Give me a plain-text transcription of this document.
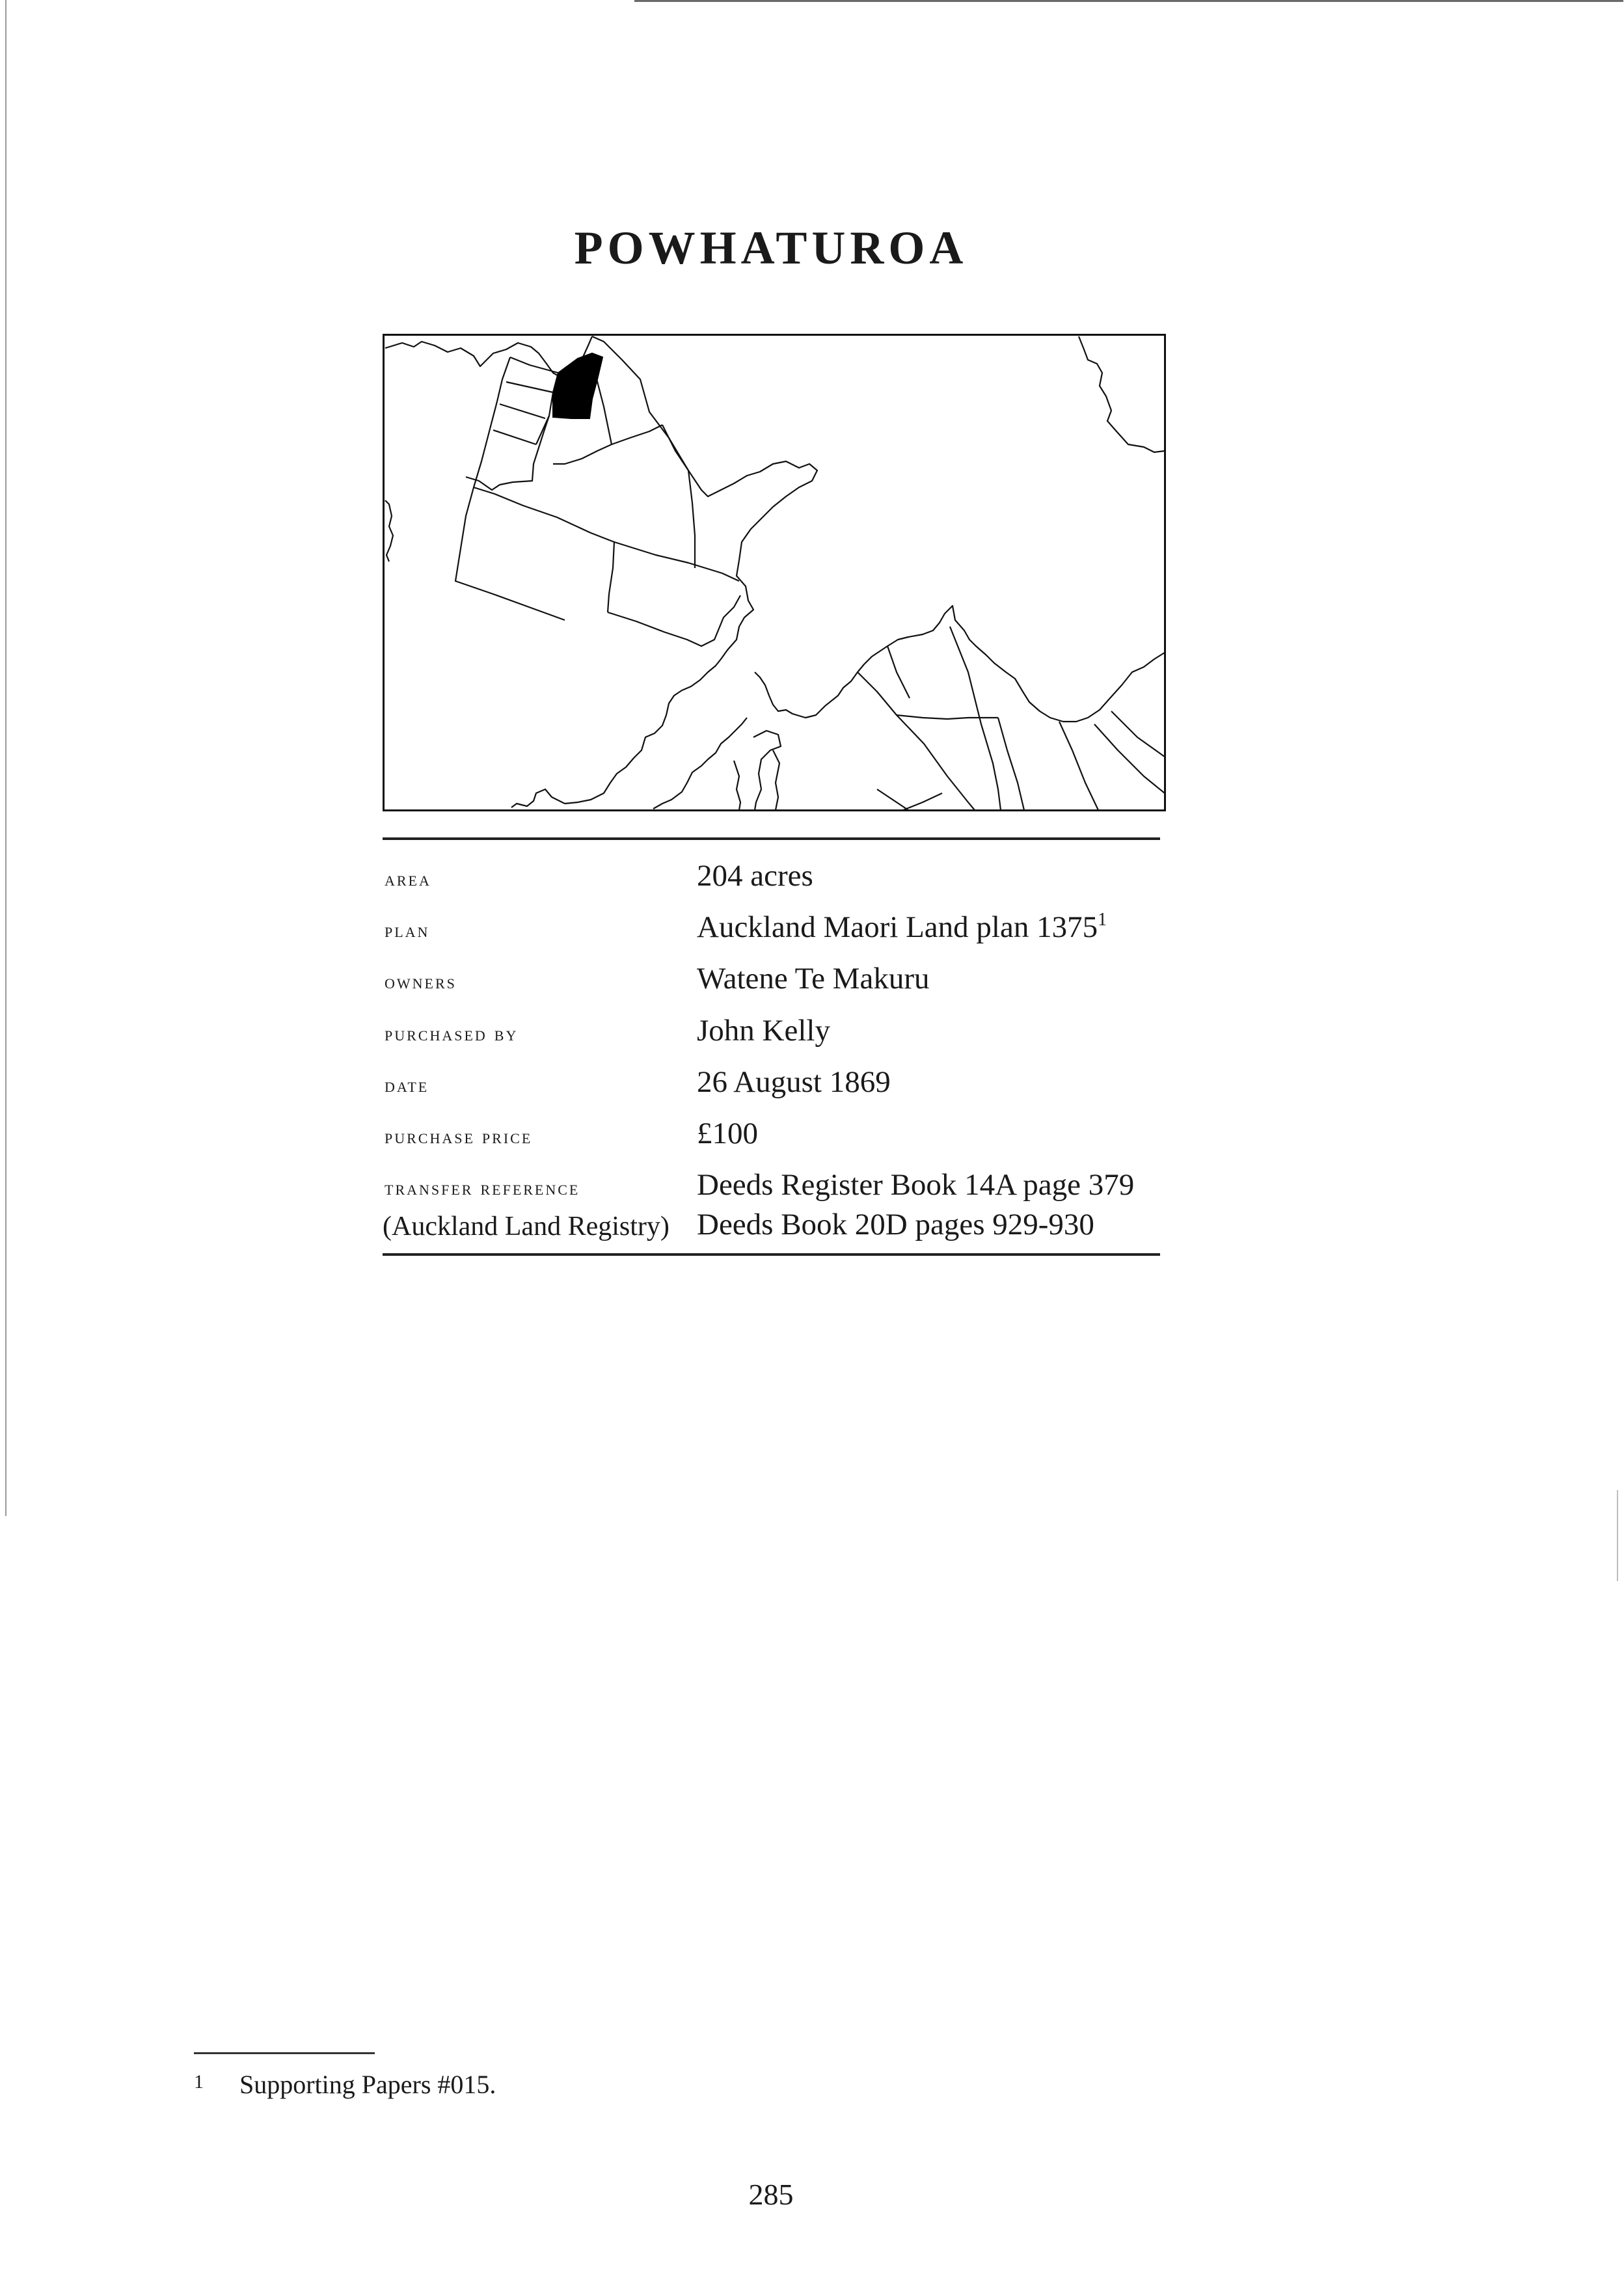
POWHATUROA
area	204 acres
plan	Auckland Maori Land plan 1375$^1$
owners	Watene Te Makuru
purchased by	John Kelly
date	26 August 1869
purchase price	£100
transfer reference	Deeds Register Book 14A page 379
(Auckland Land Registry) Deeds Book 20D pages 929-930
1 Supporting Papers #015.
285
